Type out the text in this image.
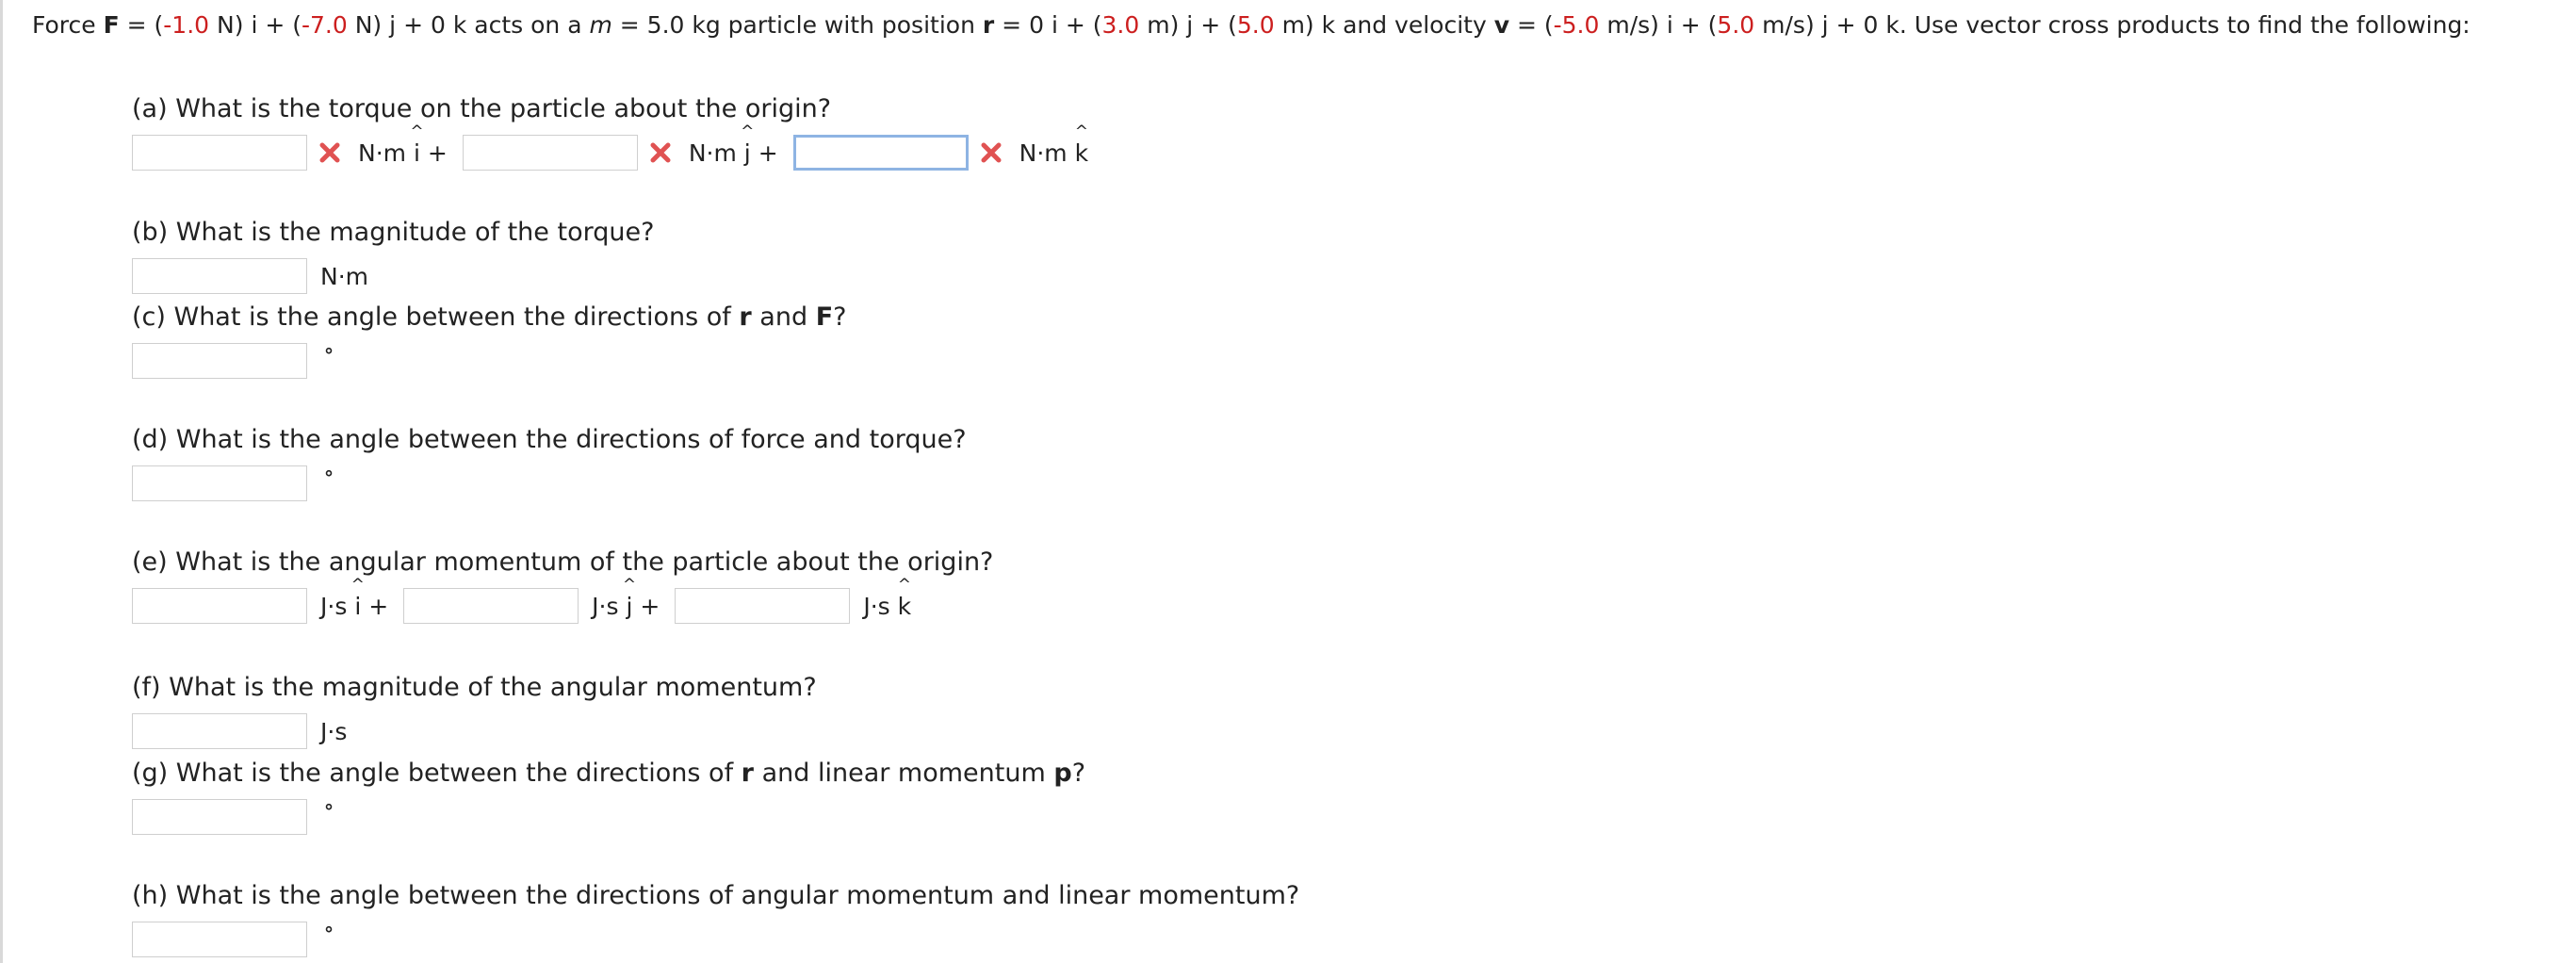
Force F = (-1.0 N) ^ i + (-7.0 N) ^ j + 0 ^ k acts on a m = 5.0 kg particle with position r = 0 ^ i + (3.0 m) ^ j + (5.0 m) ^ k and velocity v = (-5.0 m/s) ^ i + (5.0 m/s) ^ j + 0 ^ k. Use vector cross products to find the following:
(a) What is the torque on the particle about the origin?
N·m ^ i +	N·m ^ j +	N·m ^ k
(b) What is the magnitude of the torque?
N·m
(c) What is the angle between the directions of r and F?
°
(d) What is the angle between the directions of force and torque?
°
(e) What is the angular momentum of the particle about the origin?
J·s ^ i +	J·s ^ j +	J·s ^ k
(f) What is the magnitude of the angular momentum?
J·s
(g) What is the angle between the directions of r and linear momentum p?
°
(h) What is the angle between the directions of angular momentum and linear momentum?
°
